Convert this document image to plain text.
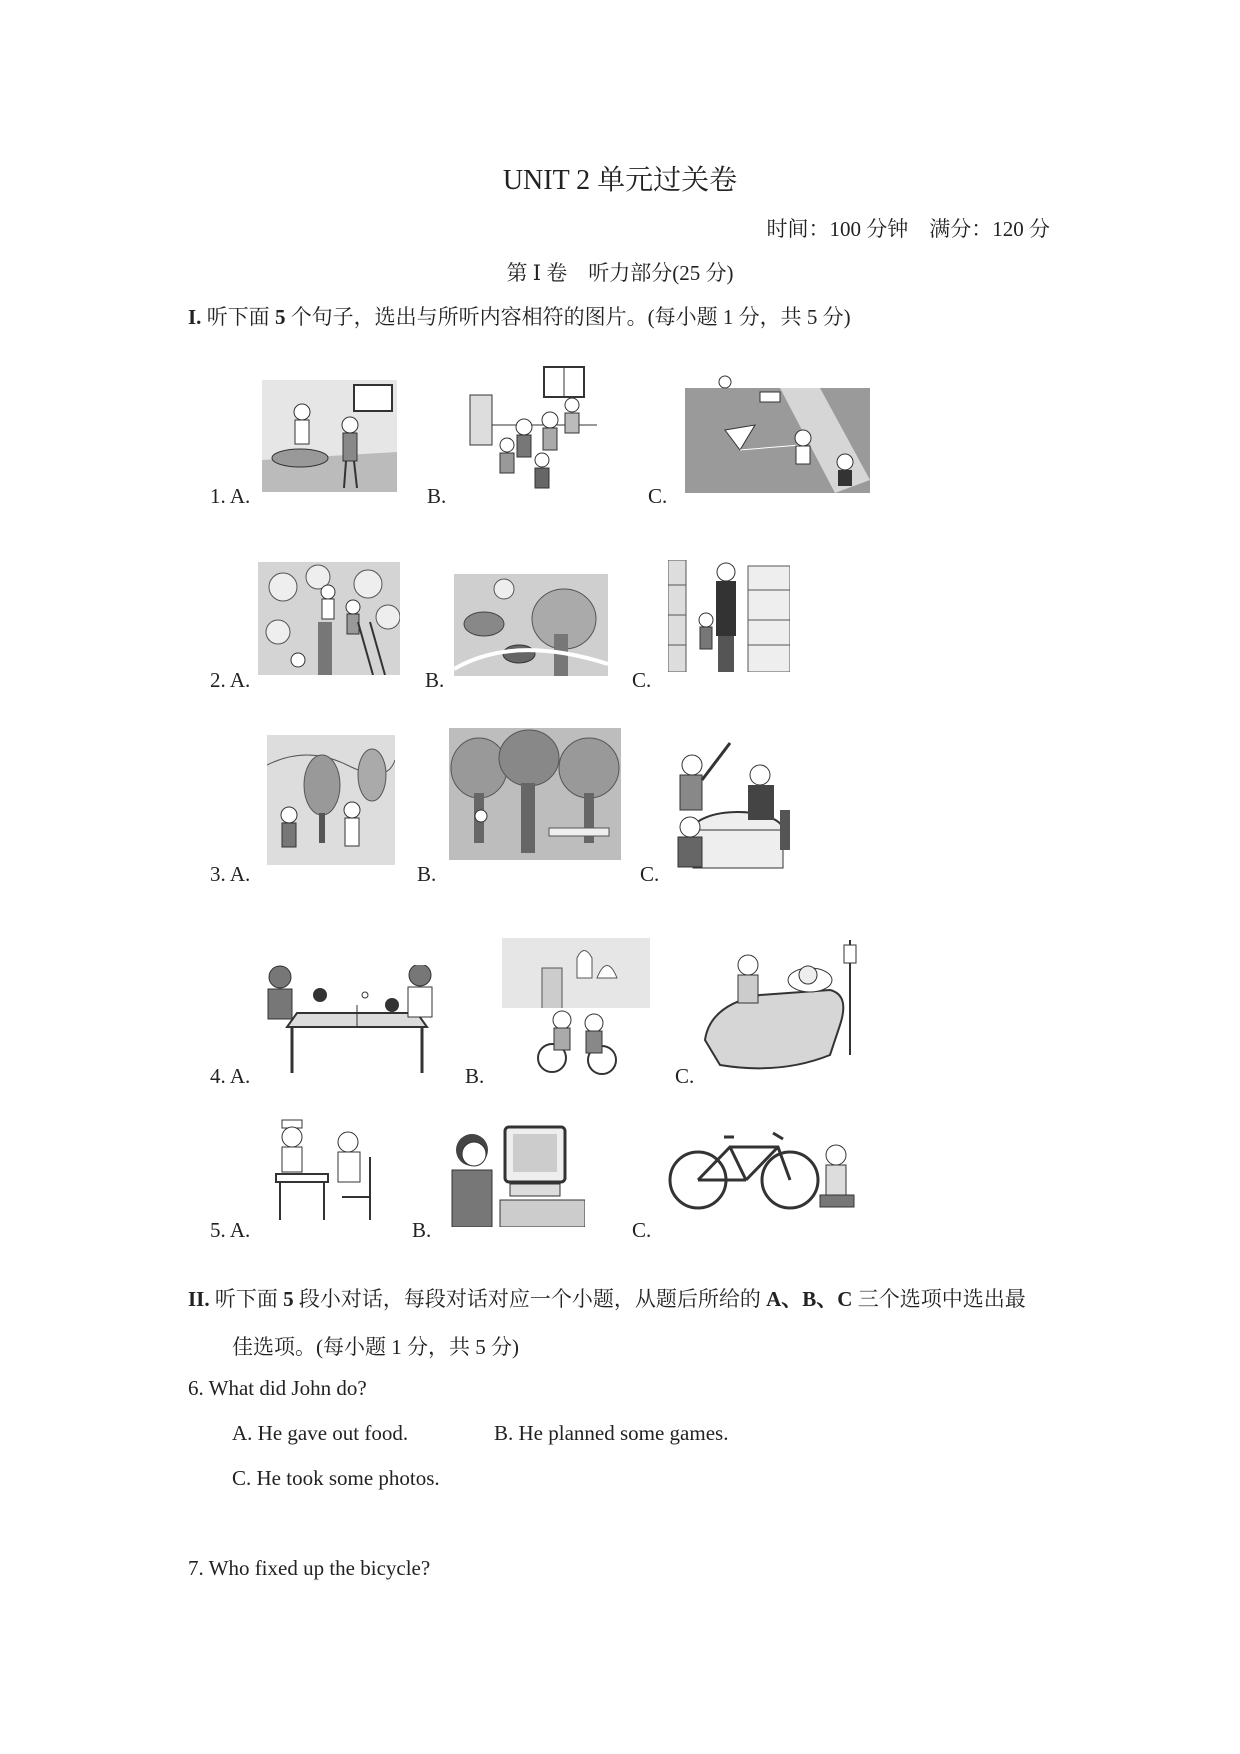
UNIT 2 单元过关卷
时间：100 分钟　满分：120 分
第 Ⅰ 卷　听力部分(25 分)
I. 听下面 5 个句子，选出与所听内容相符的图片。(每小题 1 分，共 5 分)
1. A.	B.	C.
2. A.	B.	C.
3. A.	B.	C.
4. A.	B.	C.
5. A.	B.	C.
II. 听下面 5 段小对话，每段对话对应一个小题，从题后所给的 A、B、C 三个选项中选出最
佳选项。(每小题 1 分，共 5 分)
6. What did John do?
A. He gave out food.	B. He planned some games.
C. He took some photos.
7. Who fixed up the bicycle?
